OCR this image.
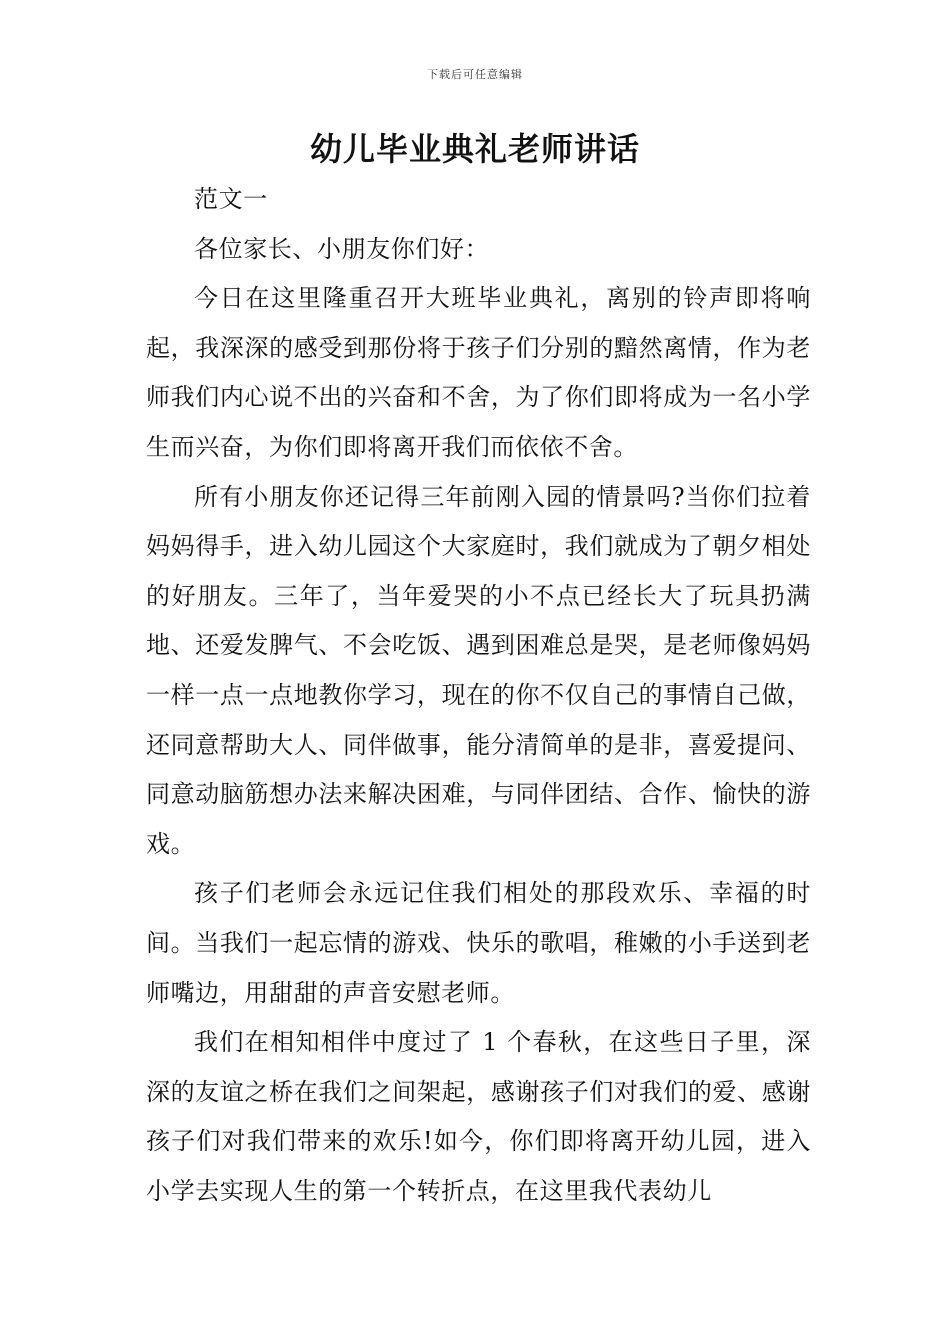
下载后可任意编辑
幼儿毕业典礼老师讲话

范文一

各位家长、小朋友你们好：

今日在这里隆重召开大班毕业典礼，离别的铃声即将响起，我深深的感受到那份将于孩子们分别的黯然离情，作为老师我们内心说不出的兴奋和不舍，为了你们即将成为一名小学生而兴奋，为你们即将离开我们而依依不舍。

所有小朋友你还记得三年前刚入园的情景吗?当你们拉着妈妈得手，进入幼儿园这个大家庭时，我们就成为了朝夕相处的好朋友。三年了，当年爱哭的小不点已经长大了玩具扔满地、还爱发脾气、不会吃饭、遇到困难总是哭，是老师像妈妈一样一点一点地教你学习，现在的你不仅自己的事情自己做，还同意帮助大人、同伴做事，能分清简单的是非，喜爱提问、同意动脑筋想办法来解决困难，与同伴团结、合作、愉快的游戏。

孩子们老师会永远记住我们相处的那段欢乐、幸福的时间。当我们一起忘情的游戏、快乐的歌唱，稚嫩的小手送到老师嘴边，用甜甜的声音安慰老师。

我们在相知相伴中度过了 1 个春秋，在这些日子里，深深的友谊之桥在我们之间架起，感谢孩子们对我们的爱、感谢孩子们对我们带来的欢乐!如今，你们即将离开幼儿园，进入小学去实现人生的第一个转折点，在这里我代表幼儿
